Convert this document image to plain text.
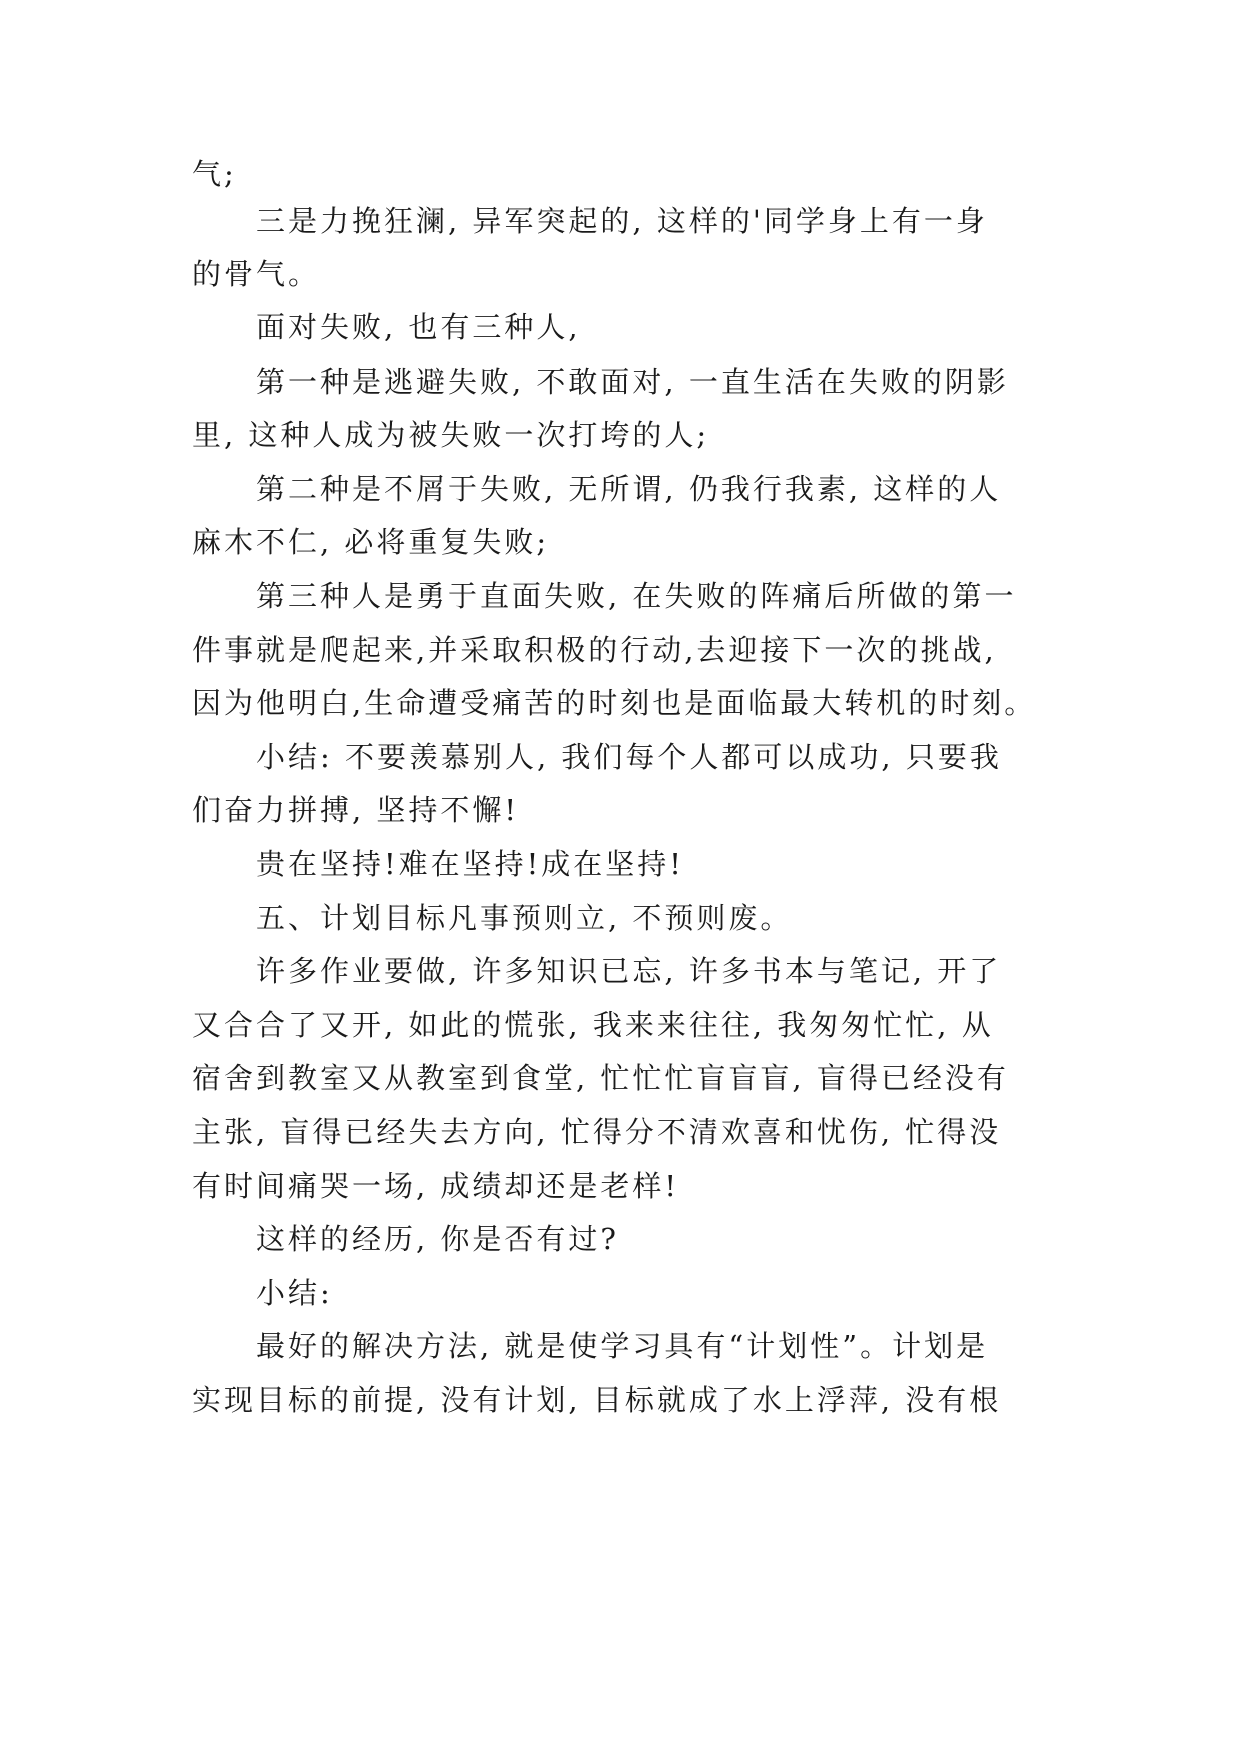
气;
三是力挽狂澜, 异军突起的, 这样的'同学身上有一身
的骨气。
面对失败, 也有三种人,
第一种是逃避失败, 不敢面对, 一直生活在失败的阴影
里, 这种人成为被失败一次打垮的人;
第二种是不屑于失败, 无所谓, 仍我行我素, 这样的人
麻木不仁, 必将重复失败;
第三种人是勇于直面失败, 在失败的阵痛后所做的第一
件事就是爬起来,并采取积极的行动,去迎接下一次的挑战,
因为他明白,生命遭受痛苦的时刻也是面临最大转机的时刻。
小结: 不要羡慕别人, 我们每个人都可以成功, 只要我
们奋力拼搏, 坚持不懈!
贵在坚持!难在坚持!成在坚持!
五、计划目标凡事预则立, 不预则废。
许多作业要做, 许多知识已忘, 许多书本与笔记, 开了
又合合了又开, 如此的慌张, 我来来往往, 我匆匆忙忙, 从
宿舍到教室又从教室到食堂, 忙忙忙盲盲盲, 盲得已经没有
主张, 盲得已经失去方向, 忙得分不清欢喜和忧伤, 忙得没
有时间痛哭一场, 成绩却还是老样!
这样的经历, 你是否有过?
小结:
最好的解决方法, 就是使学习具有“计划性”。计划是
实现目标的前提, 没有计划, 目标就成了水上浮萍, 没有根
